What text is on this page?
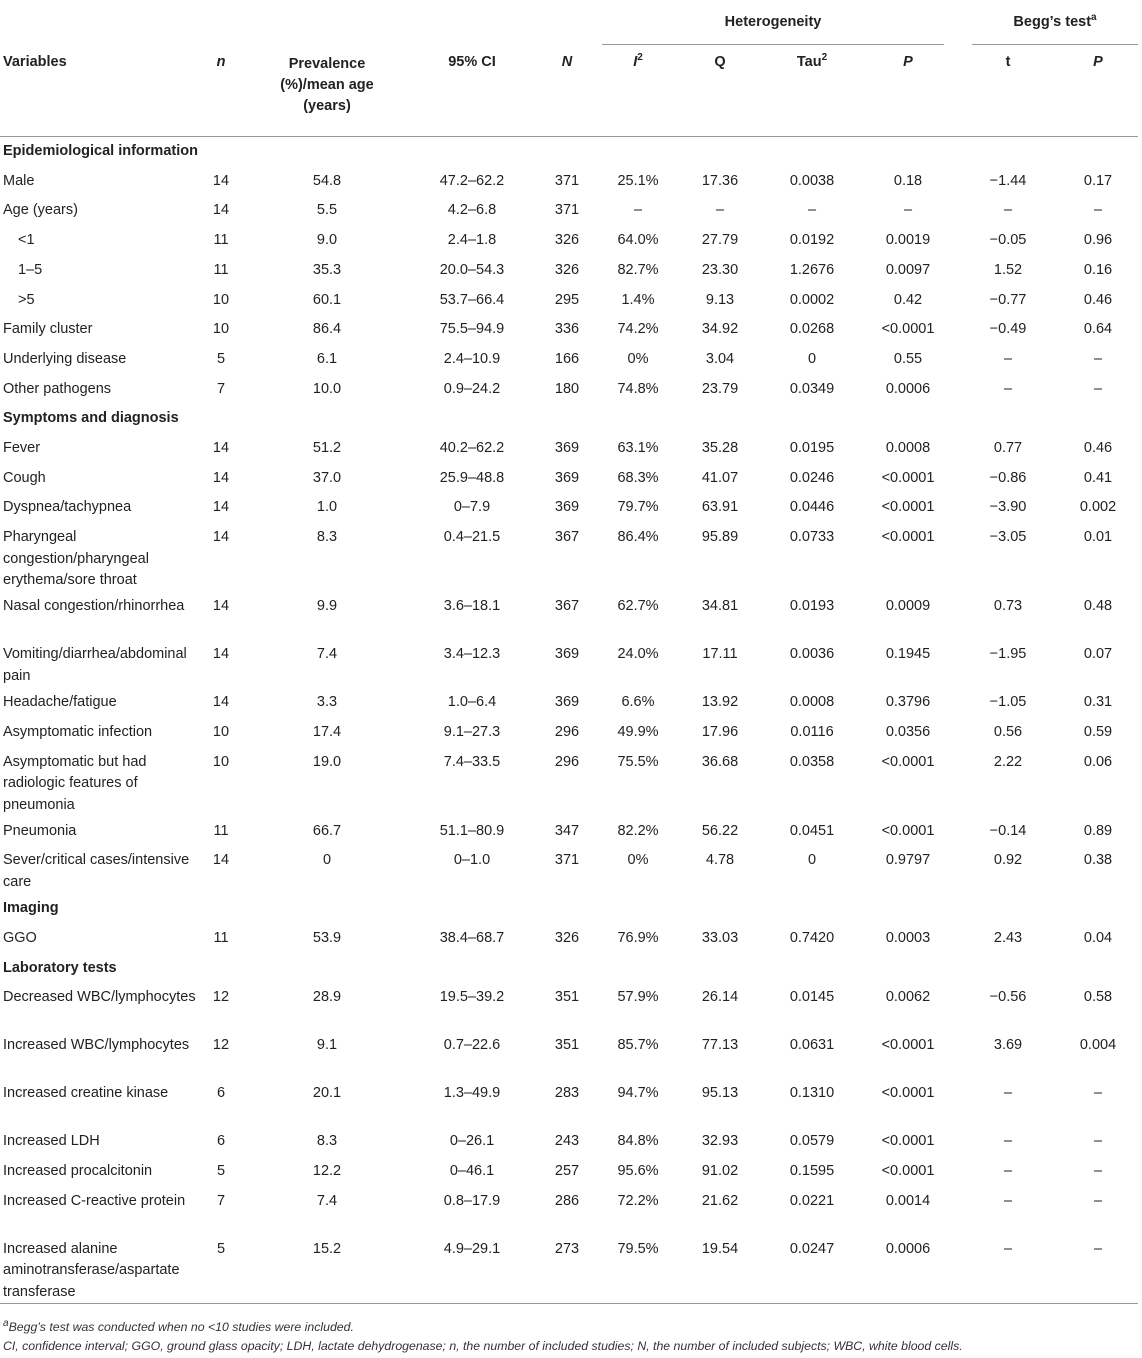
					Heterogeneity				Begg’s test$^a$
Variables	n	Prevalence (%)/mean age (years)	95% CI	N	$I^2$	Q	Tau$^2$	P	t	P
Epidemiological information										
Male	14	54.8	47.2–62.2	371	25.1%	17.36	0.0038	0.18	−1.44	0.17
Age (years)	14	5.5	4.2–6.8	371	–	–	–	–	–	–
<1	11	9.0	2.4–1.8	326	64.0%	27.79	0.0192	0.0019	−0.05	0.96
1–5	11	35.3	20.0–54.3	326	82.7%	23.30	1.2676	0.0097	1.52	0.16
>5	10	60.1	53.7–66.4	295	1.4%	9.13	0.0002	0.42	−0.77	0.46
Family cluster	10	86.4	75.5–94.9	336	74.2%	34.92	0.0268	<0.0001	−0.49	0.64
Underlying disease	5	6.1	2.4–10.9	166	0%	3.04	0	0.55	–	–
Other pathogens	7	10.0	0.9–24.2	180	74.8%	23.79	0.0349	0.0006	–	–
Symptoms and diagnosis										
Fever	14	51.2	40.2–62.2	369	63.1%	35.28	0.0195	0.0008	0.77	0.46
Cough	14	37.0	25.9–48.8	369	68.3%	41.07	0.0246	<0.0001	−0.86	0.41
Dyspnea/tachypnea	14	1.0	0–7.9	369	79.7%	63.91	0.0446	<0.0001	−3.90	0.002
Pharyngeal congestion/pharyngeal erythema/sore throat	14	8.3	0.4–21.5	367	86.4%	95.89	0.0733	<0.0001	−3.05	0.01
Nasal congestion/rhinorrhea	14	9.9	3.6–18.1	367	62.7%	34.81	0.0193	0.0009	0.73	0.48
Vomiting/diarrhea/abdominal pain	14	7.4	3.4–12.3	369	24.0%	17.11	0.0036	0.1945	−1.95	0.07
Headache/fatigue	14	3.3	1.0–6.4	369	6.6%	13.92	0.0008	0.3796	−1.05	0.31
Asymptomatic infection	10	17.4	9.1–27.3	296	49.9%	17.96	0.0116	0.0356	0.56	0.59
Asymptomatic but had radiologic features of pneumonia	10	19.0	7.4–33.5	296	75.5%	36.68	0.0358	<0.0001	2.22	0.06
Pneumonia	11	66.7	51.1–80.9	347	82.2%	56.22	0.0451	<0.0001	−0.14	0.89
Sever/critical cases/intensive care	14	0	0–1.0	371	0%	4.78	0	0.9797	0.92	0.38
Imaging										
GGO	11	53.9	38.4–68.7	326	76.9%	33.03	0.7420	0.0003	2.43	0.04
Laboratory tests										
Decreased WBC/lymphocytes	12	28.9	19.5–39.2	351	57.9%	26.14	0.0145	0.0062	−0.56	0.58
Increased WBC/lymphocytes	12	9.1	0.7–22.6	351	85.7%	77.13	0.0631	<0.0001	3.69	0.004
Increased creatine kinase	6	20.1	1.3–49.9	283	94.7%	95.13	0.1310	<0.0001	–	–
Increased LDH	6	8.3	0–26.1	243	84.8%	32.93	0.0579	<0.0001	–	–
Increased procalcitonin	5	12.2	0–46.1	257	95.6%	91.02	0.1595	<0.0001	–	–
Increased C-reactive protein	7	7.4	0.8–17.9	286	72.2%	21.62	0.0221	0.0014	–	–
Increased alanine aminotransferase/aspartate transferase	5	15.2	4.9–29.1	273	79.5%	19.54	0.0247	0.0006	–	–
$^a$Begg’s test was conducted when no <10 studies were included.
CI, confidence interval; GGO, ground glass opacity; LDH, lactate dehydrogenase; n, the number of included studies; N, the number of included subjects; WBC, white blood cells.
